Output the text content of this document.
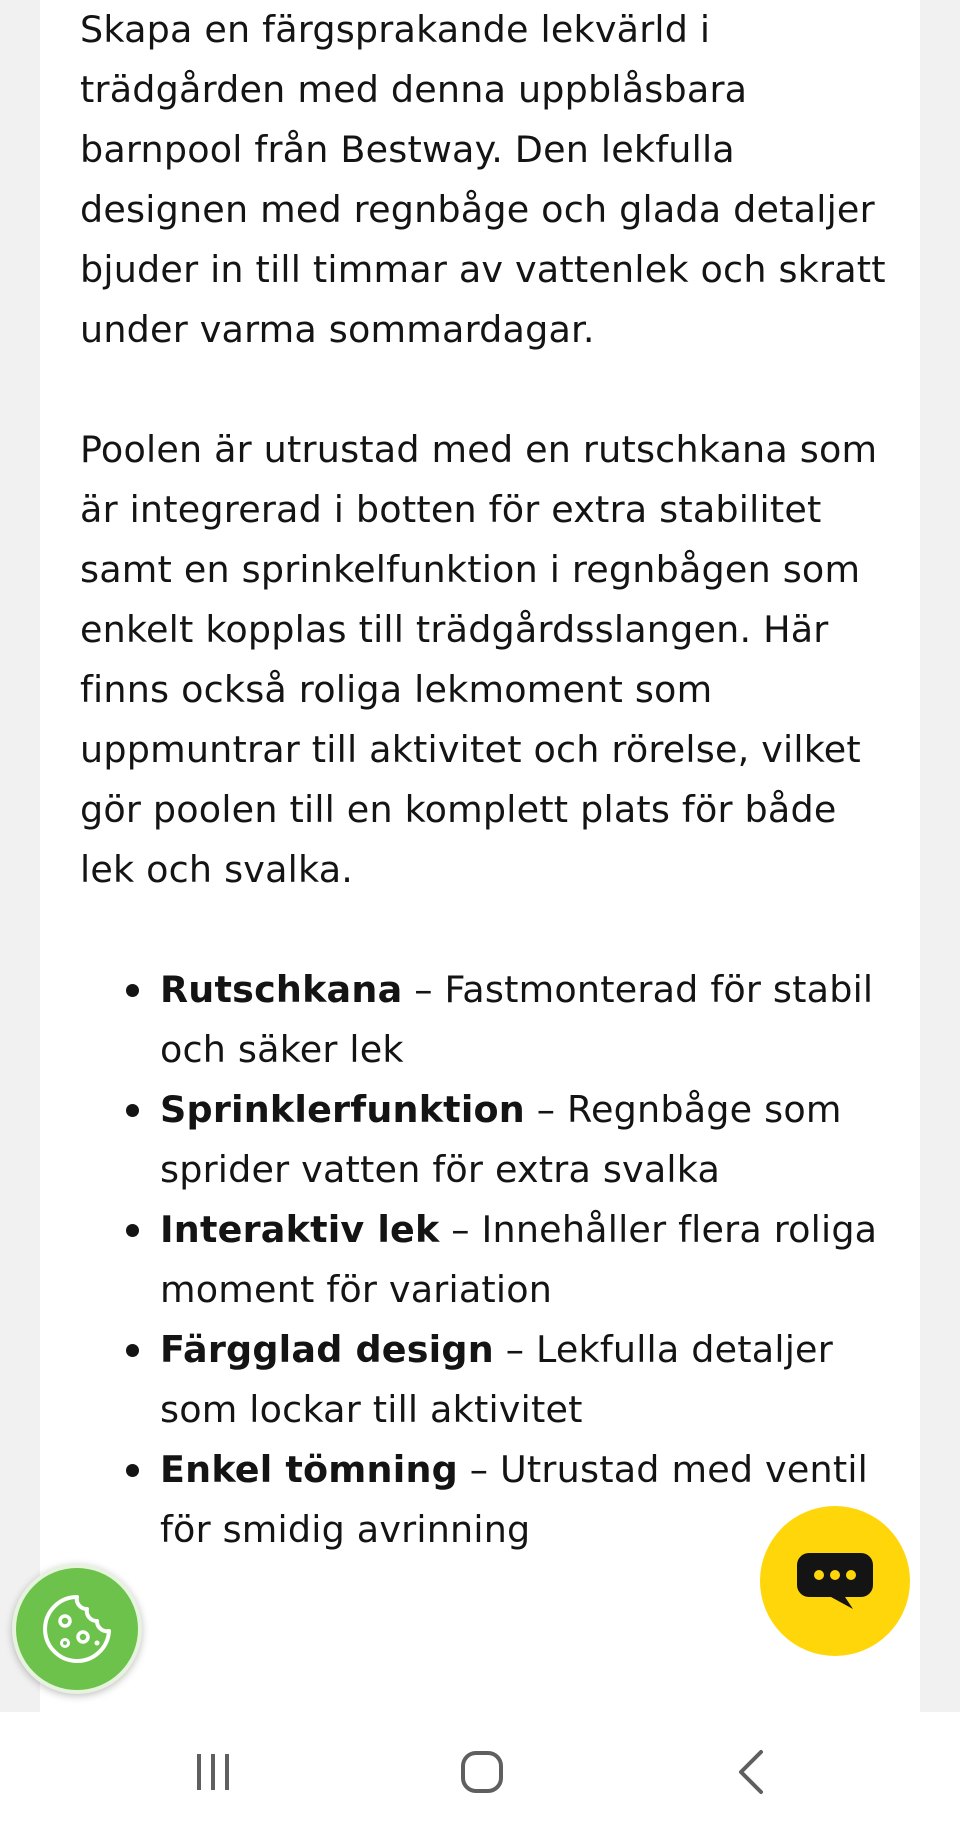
Skapa en färgsprakande lekvärld i trädgården med denna uppblåsbara barnpool från Bestway. Den lekfulla designen med regnbåge och glada detaljer bjuder in till timmar av vattenlek och skratt under varma sommardagar.

Poolen är utrustad med en rutschkana som är integrerad i botten för extra stabilitet samt en sprinkelfunktion i regnbågen som enkelt kopplas till trädgårdsslangen. Här finns också roliga lekmoment som uppmuntrar till aktivitet och rörelse, vilket gör poolen till en komplett plats för både lek och svalka.

Rutschkana – Fastmonterad för stabil och säker lek
Sprinklerfunktion – Regnbåge som sprider vatten för extra svalka
Interaktiv lek – Innehåller flera roliga moment för variation
Färgglad design – Lekfulla detaljer som lockar till aktivitet
Enkel tömning – Utrustad med ventil för smidig avrinning
